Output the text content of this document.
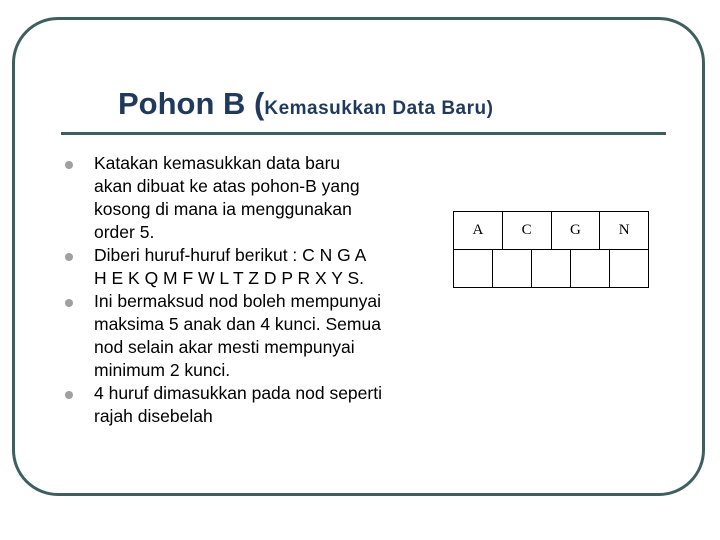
Pohon B (Kemasukkan Data Baru)
Katakan kemasukkan data baru
akan dibuat ke atas pohon-B yang
kosong di mana ia menggunakan
order 5.
Diberi huruf-huruf berikut : C N G A
H E K Q M F W L T Z D P R X Y S.
Ini bermaksud nod boleh mempunyai
maksima 5 anak dan 4 kunci. Semua
nod selain akar mesti mempunyai
minimum 2 kunci.
4 huruf dimasukkan pada nod seperti
rajah disebelah
A	C	G	N
